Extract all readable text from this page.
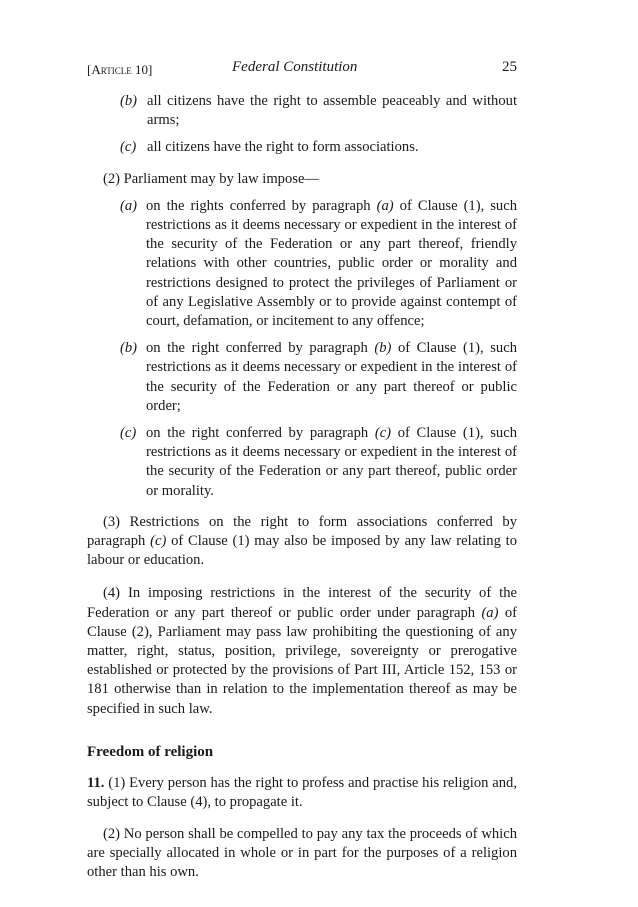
[Article 10]	Federal Constitution	25
(b) all citizens have the right to assemble peaceably and without arms;
(c) all citizens have the right to form associations.

(2) Parliament may by law impose—

(a) on the rights conferred by paragraph (a) of Clause (1), such restrictions as it deems necessary or expedient in the interest of the security of the Federation or any part thereof, friendly relations with other countries, public order or morality and restrictions designed to protect the privileges of Parliament or of any Legislative Assembly or to provide against contempt of court, defamation, or incitement to any offence;
(b) on the right conferred by paragraph (b) of Clause (1), such restrictions as it deems necessary or expedient in the interest of the security of the Federation or any part thereof or public order;
(c) on the right conferred by paragraph (c) of Clause (1), such restrictions as it deems necessary or expedient in the interest of the security of the Federation or any part thereof, public order or morality.

(3) Restrictions on the right to form associations conferred by paragraph (c) of Clause (1) may also be imposed by any law relating to labour or education.

(4) In imposing restrictions in the interest of the security of the Federation or any part thereof or public order under paragraph (a) of Clause (2), Parliament may pass law prohibiting the questioning of any matter, right, status, position, privilege, sovereignty or prerogative established or protected by the provisions of Part III, Article 152, 153 or 181 otherwise than in relation to the implementation thereof as may be specified in such law.

Freedom of religion

11. (1) Every person has the right to profess and practise his religion and, subject to Clause (4), to propagate it.

(2) No person shall be compelled to pay any tax the proceeds of which are specially allocated in whole or in part for the purposes of a religion other than his own.
